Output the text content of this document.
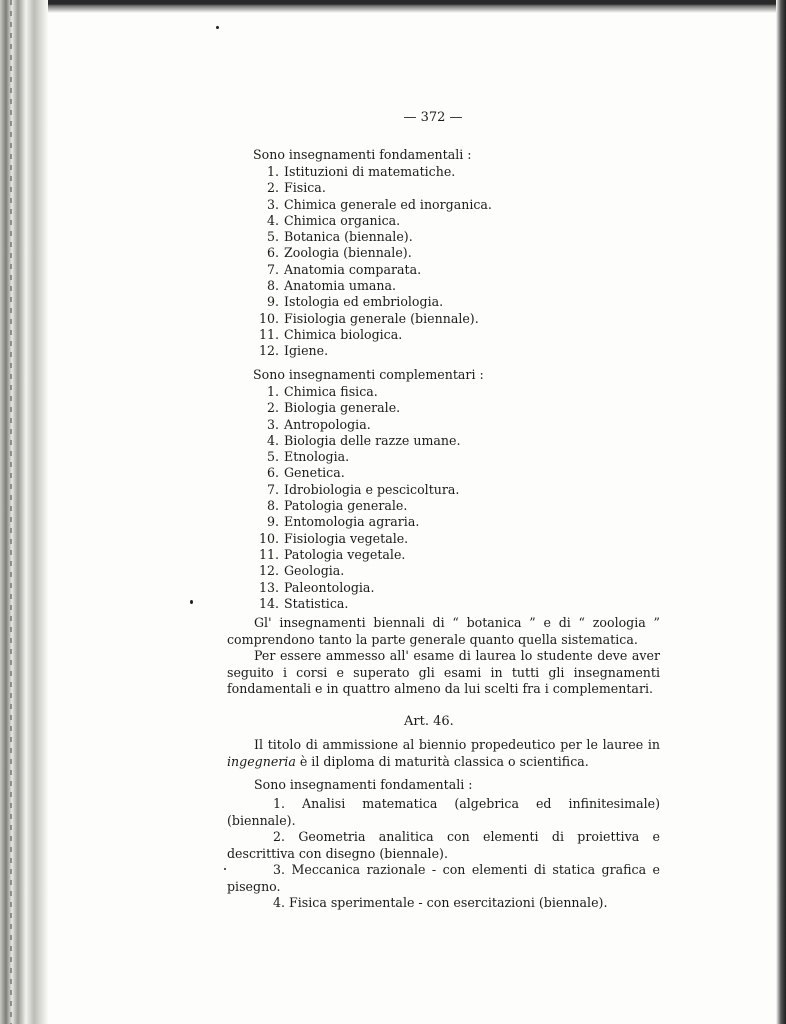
— 372 —
Sono insegnamenti fondamentali :
1. Istituzioni di matematiche.
2. Fisica.
3. Chimica generale ed inorganica.
4. Chimica organica.
5. Botanica (biennale).
6. Zoologia (biennale).
7. Anatomia comparata.
8. Anatomia umana.
9. Istologia ed embriologia.
10. Fisiologia generale (biennale).
11. Chimica biologica.
12. Igiene.
Sono insegnamenti complementari :
1. Chimica fisica.
2. Biologia generale.
3. Antropologia.
4. Biologia delle razze umane.
5. Etnologia.
6. Genetica.
7. Idrobiologia e pescicoltura.
8. Patologia generale.
9. Entomologia agraria.
10. Fisiologia vegetale.
11. Patologia vegetale.
12. Geologia.
13. Paleontologia.
14. Statistica.

Gl' insegnamenti biennali di “ botanica ” e di “ zoologia ” comprendono tanto la parte generale quanto quella sistematica.

Per essere ammesso all' esame di laurea lo studente deve aver seguito i corsi e superato gli esami in tutti gli insegnamenti fondamentali e in quattro almeno da lui scelti fra i complementari.

Art. 46.

Il titolo di ammissione al biennio propedeutico per le lauree in ingegneria è il diploma di maturità classica o scientifica.

Sono insegnamenti fondamentali :

1. Analisi matematica (algebrica ed infinitesimale) (biennale).

2. Geometria analitica con elementi di proiettiva e descrittiva con disegno (biennale).

3. Meccanica razionale - con elementi di statica grafica e pisegno.

4. Fisica sperimentale - con esercitazioni (biennale).
